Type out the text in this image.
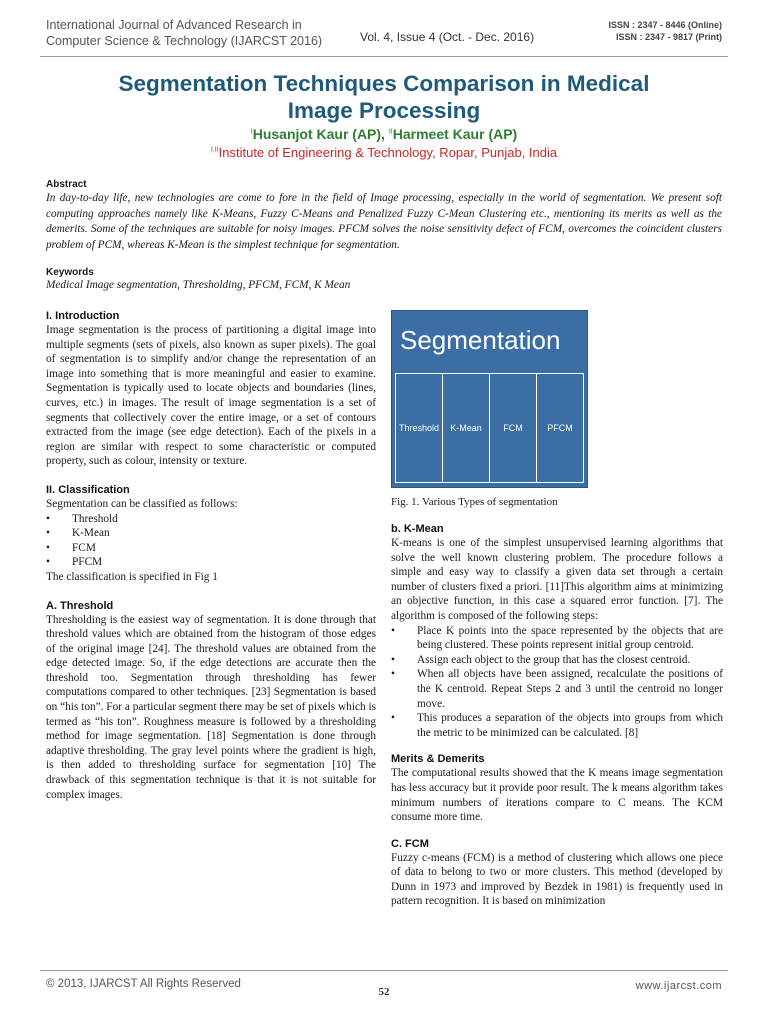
International Journal of Advanced Research in
Computer Science & Technology (IJARCST 2016)	Vol. 4, Issue 4 (Oct. - Dec. 2016)
ISSN : 2347 - 8446 (Online)
ISSN : 2347 - 9817 (Print)
Segmentation Techniques Comparison in Medical
Image Processing
$^I$Husanjot Kaur (AP), $^{II}$Harmeet Kaur (AP)
$^{I,II}$Institute of Engineering & Technology, Ropar, Punjab, India
Abstract
In day-to-day life, new technologies are come to fore in the field of Image processing, especially in the world of segmentation. We present soft computing approaches namely like K-Means, Fuzzy C-Means and Penalized Fuzzy C-Mean Clustering etc., mentioning its merits as well as the demerits. Some of the techniques are suitable for noisy images. PFCM solves the noise sensitivity defect of FCM, overcomes the coincident clusters problem of PCM, whereas K-Mean is the simplest technique for segmentation.
Keywords
Medical Image segmentation, Thresholding, PFCM, FCM, K Mean

I. Introduction

Image segmentation is the process of partitioning a digital image into multiple segments (sets of pixels, also known as super pixels). The goal of segmentation is to simplify and/or change the representation of an image into something that is more meaningful and easier to examine. Segmentation is typically used to locate objects and boundaries (lines, curves, etc.) in images. The result of image segmentation is a set of segments that collectively cover the entire image, or a set of contours extracted from the image (see edge detection). Each of the pixels in a region are similar with respect to some characteristic or computed property, such as colour, intensity or texture.

II. Classification

Segmentation can be classified as follows:

• Threshold
• K-Mean
• FCM
• PFCM

The classification is specified in Fig 1

A. Threshold

Thresholding is the easiest way of segmentation. It is done through that threshold values which are obtained from the histogram of those edges of the original image [24]. The threshold values are obtained from the edge detected image. So, if the edge detections are accurate then the threshold too. Segmentation through thresholding has fewer computations compared to other techniques. [23] Segmentation is based on “his ton”. For a particular segment there may be set of pixels which is termed as “his ton”. Roughness measure is followed by a thresholding method for image segmentation. [18] Segmentation is done through adaptive thresholding. The gray level points where the gradient is high, is then added to thresholding surface for segmentation [10] The drawback of this segmentation technique is that it is not suitable for complex images.

Segmentation
Threshold	K-Mean	FCM	PFCM

Fig. 1. Various Types of segmentation

b. K-Mean

K-means is one of the simplest unsupervised learning algorithms that solve the well known clustering problem. The procedure follows a simple and easy way to classify a given data set through a certain number of clusters fixed a priori. [11]This algorithm aims at minimizing an objective function, in this case a squared error function. [7]. The algorithm is composed of the following steps:

• Place K points into the space represented by the objects that are being clustered. These points represent initial group centroid.
• Assign each object to the group that has the closest centroid.
• When all objects have been assigned, recalculate the positions of the K centroid. Repeat Steps 2 and 3 until the centroid no longer move.
• This produces a separation of the objects into groups from which the metric to be minimized can be calculated. [8]

Merits & Demerits

The computational results showed that the K means image segmentation has less accuracy but it provide poor result. The k means algorithm takes minimum numbers of iterations compare to C means. The KCM consume more time.

C. FCM

Fuzzy c-means (FCM) is a method of clustering which allows one piece of data to belong to two or more clusters. This method (developed by Dunn in 1973 and improved by Bezdek in 1981) is frequently used in pattern recognition. It is based on minimization

© 2013, IJARCST All Rights Reserved
52	www.ijarcst.com
